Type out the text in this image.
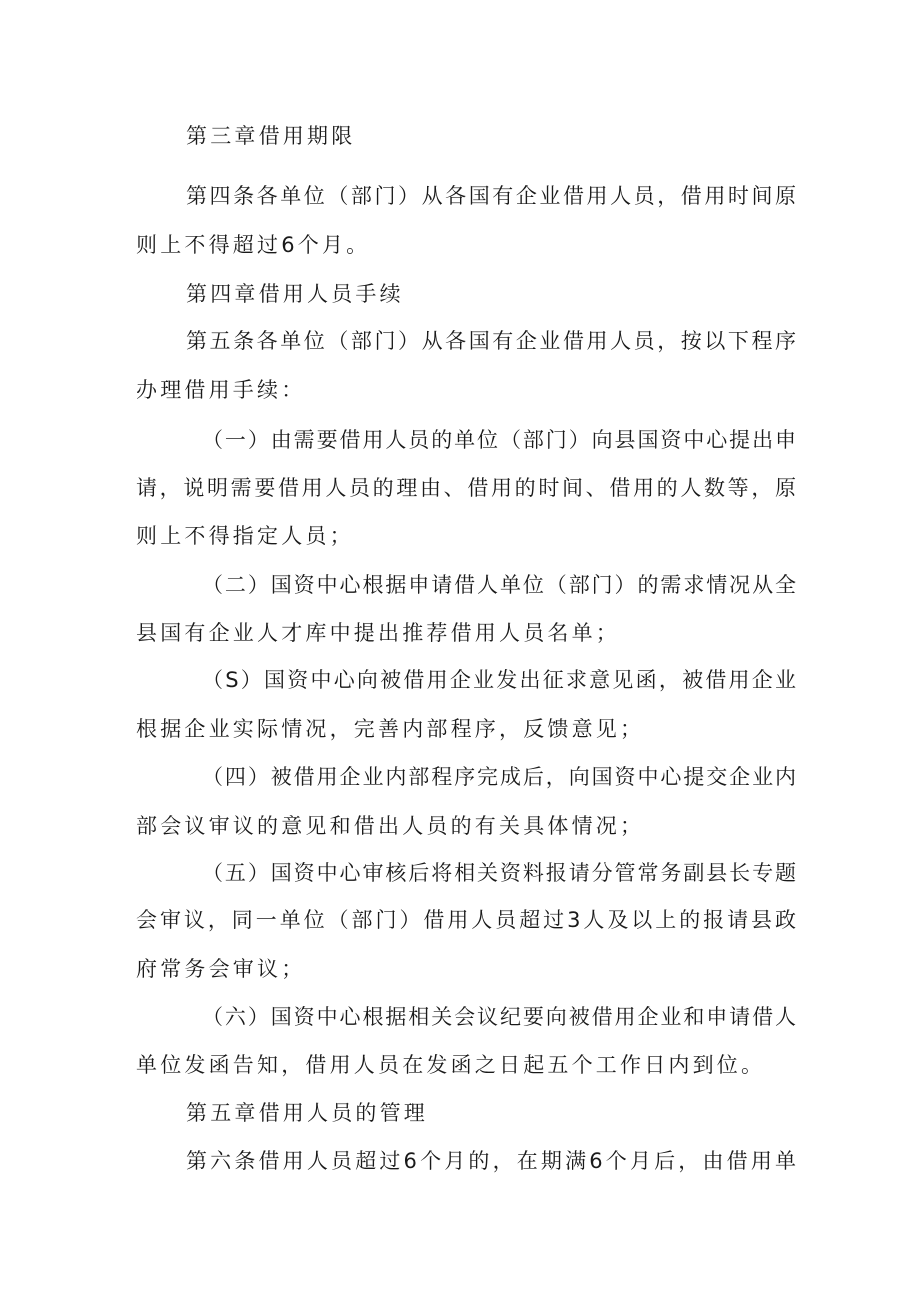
第三章借用期限
第四条各单位（部门）从各国有企业借用人员，借用时间原
则上不得超过6个月。
第四章借用人员手续
第五条各单位（部门）从各国有企业借用人员，按以下程序
办理借用手续：
（一）由需要借用人员的单位（部门）向县国资中心提出申
请，说明需要借用人员的理由、借用的时间、借用的人数等，原
则上不得指定人员；
（二）国资中心根据申请借人单位（部门）的需求情况从全
县国有企业人才库中提出推荐借用人员名单；
（S）国资中心向被借用企业发出征求意见函，被借用企业
根据企业实际情况，完善内部程序，反馈意见；
（四）被借用企业内部程序完成后，向国资中心提交企业内
部会议审议的意见和借出人员的有关具体情况；
（五）国资中心审核后将相关资料报请分管常务副县长专题
会审议，同一单位（部门）借用人员超过3人及以上的报请县政
府常务会审议；
（六）国资中心根据相关会议纪要向被借用企业和申请借人
单位发函告知，借用人员在发函之日起五个工作日内到位。
第五章借用人员的管理
第六条借用人员超过6个月的，在期满6个月后，由借用单
